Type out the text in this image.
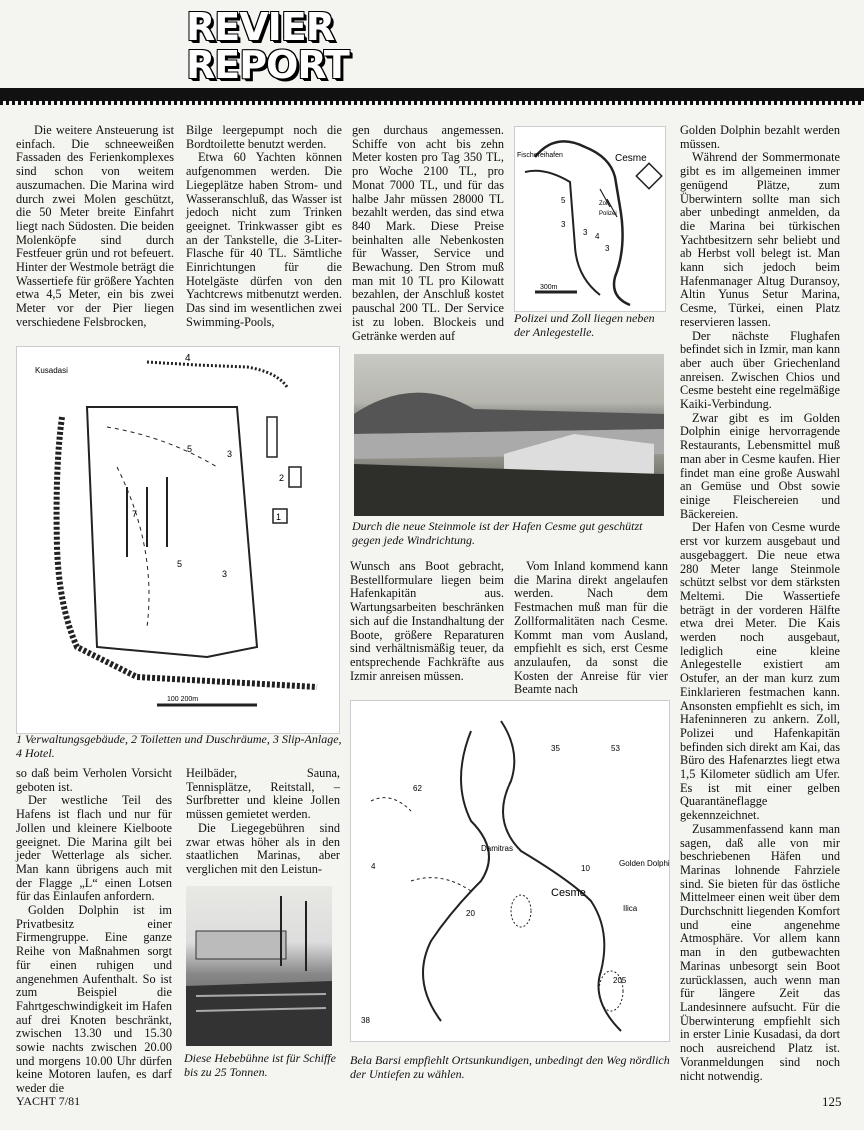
REVIER
REPORT

Die weitere Ansteuerung ist einfach. Die schneeweißen Fassaden des Ferienkomplexes sind schon von weitem auszumachen. Die Marina wird durch zwei Molen geschützt, die 50 Meter breite Einfahrt liegt nach Südosten. Die beiden Molenköpfe sind durch Festfeuer grün und rot befeuert. Hinter der Westmole beträgt die Wassertiefe für größere Yachten etwa 4,5 Meter, ein bis zwei Meter vor der Pier liegen verschiedene Felsbrocken,

Bilge leergepumpt noch die Bordtoilette benutzt werden.

Etwa 60 Yachten können aufgenommen werden. Die Liegeplätze haben Strom- und Wasseranschluß, das Wasser ist jedoch nicht zum Trinken geeignet. Trinkwasser gibt es an der Tankstelle, die 3-Liter-Flasche für 40 TL. Sämtliche Einrichtungen für die Hotelgäste dürfen von den Yachtcrews mitbenutzt werden. Das sind im wesentlichen zwei Swimming-Pools,

gen durchaus angemessen. Schiffe von acht bis zehn Meter kosten pro Tag 350 TL, pro Woche 2100 TL, pro Monat 7000 TL, und für das halbe Jahr müssen 28000 TL bezahlt werden, das sind etwa 840 Mark. Diese Preise beinhalten alle Nebenkosten für Wasser, Service und Bewachung. Den Strom muß man mit 10 TL pro Kilowatt bezahlen, der Anschluß kostet pauschal 200 TL. Der Service ist zu loben. Blockeis und Getränke werden auf

Fischereihafen	Cesme
Zoll
Polizei
300m
5
3
4
3
3
Polizei und Zoll liegen neben der Anlegestelle.

Golden Dolphin bezahlt werden müssen.

Während der Sommermonate gibt es im allgemeinen immer genügend Plätze, zum Überwintern sollte man sich aber unbedingt anmelden, da die Marina bei türkischen Yachtbesitzern sehr beliebt und ab Herbst voll belegt ist. Man kann sich jedoch beim Hafenmanager Altug Duransoy, Altin Yunus Setur Marina, Cesme, Türkei, einen Platz reservieren lassen.

Der nächste Flughafen befindet sich in Izmir, man kann aber auch über Griechenland anreisen. Zwischen Chios und Cesme besteht eine regelmäßige Kaiki-Verbindung.

Zwar gibt es im Golden Dolphin einige hervorragende Restaurants, Lebensmittel muß man aber in Cesme kaufen. Hier findet man eine große Auswahl an Gemüse und Obst sowie einige Fleischereien und Bäckereien.

Der Hafen von Cesme wurde erst vor kurzem ausgebaut und ausgebaggert. Die neue etwa 280 Meter lange Steinmole schützt selbst vor dem stärksten Meltemi. Die Wassertiefe beträgt in der vorderen Hälfte etwa drei Meter. Die Kais werden noch ausgebaut, lediglich eine kleine Anlegestelle existiert am Ostufer, an der man kurz zum Einklarieren festmachen kann. Ansonsten empfiehlt es sich, im Hafeninneren zu ankern. Zoll, Polizei und Hafenkapitän befinden sich direkt am Kai, das Büro des Hafenarztes liegt etwa 1,5 Kilometer südlich am Ufer. Es ist mit einer gelben Quarantäneflagge gekennzeichnet.

Zusammenfassend kann man sagen, daß alle von mir beschriebenen Häfen und Marinas lohnende Fahrziele sind. Sie bieten für das östliche Mittelmeer einen weit über dem Durchschnitt liegenden Komfort und eine angenehme Atmosphäre. Vor allem kann man in den gutbewachten Marinas unbesorgt sein Boot zurücklassen, auch wenn man für längere Zeit das Landesinnere aufsucht. Für die Überwinterung empfiehlt sich in erster Linie Kusadasi, da dort noch ausreichend Platz ist. Voranmeldungen sind noch nicht notwendig.

Kusadasi
100 200m
4
2
1
5	3
7
5
3
1 Verwaltungsgebäude, 2 Toiletten und Duschräume, 3 Slip-Anlage, 4 Hotel.
Durch die neue Steinmole ist der Hafen Cesme gut geschützt gegen jede Windrichtung.

Wunsch ans Boot gebracht, Bestellformulare liegen beim Hafenkapitän aus. Wartungsarbeiten beschränken sich auf die Instandhaltung der Boote, größere Reparaturen sind verhältnismäßig teuer, da entsprechende Fachkräfte aus Izmir anreisen müssen.

Vom Inland kommend kann die Marina direkt angelaufen werden. Nach dem Festmachen muß man für die Zollformalitäten nach Cesme. Kommt man vom Ausland, empfiehlt es sich, erst Cesme anzulaufen, da sonst die Kosten der Anreise für vier Beamte nach

so daß beim Verholen Vorsicht geboten ist.

Der westliche Teil des Hafens ist flach und nur für Jollen und kleinere Kielboote geeignet. Die Marina gilt bei jeder Wetterlage als sicher. Man kann übrigens auch mit der Flagge „L“ einen Lotsen für das Einlaufen anfordern.

Golden Dolphin ist im Privatbesitz einer Firmengruppe. Eine ganze Reihe von Maßnahmen sorgt für einen ruhigen und angenehmen Aufenthalt. So ist zum Beispiel die Fahrtgeschwindigkeit im Hafen auf drei Knoten beschränkt, zwischen 13.30 und 15.30 sowie nachts zwischen 20.00 und morgens 10.00 Uhr dürfen keine Motoren laufen, es darf weder die

Heilbäder, Sauna, Tennisplätze, Reitstall, – Surfbretter und kleine Jollen müssen gemietet werden.

Die Liegegebühren sind zwar etwas höher als in den staatlichen Marinas, aber verglichen mit den Leistun-

Diese Hebebühne ist für Schiffe bis zu 25 Tonnen.
Damitras
Cesme
Golden Dolphin
Ilica
35	53
62
4
20
10
38
205
Bela Barsi empfiehlt Ortsunkundigen, unbedingt den Weg nördlich der Untiefen zu wählen.
YACHT 7/81	125
